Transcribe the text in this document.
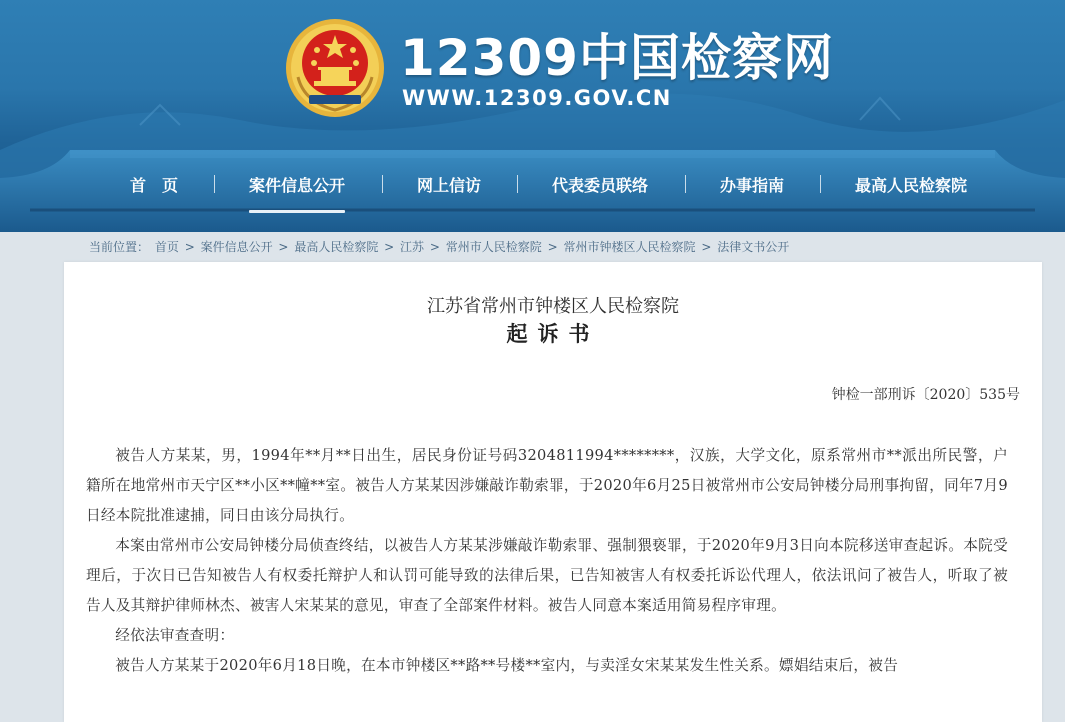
12309中国检察网
WWW.12309.GOV.CN
首　页	案件信息公开	网上信访	代表委员联络	办事指南	最高人民检察院
当前位置： 首页 > 案件信息公开 > 最高人民检察院 > 江苏 > 常州市人民检察院 > 常州市钟楼区人民检察院 > 法律文书公开
江苏省常州市钟楼区人民检察院
起诉书
钟检一部刑诉〔2020〕535号

被告人方某某，男，1994年**月**日出生，居民身份证号码3204811994********，汉族，大学文化，原系常州市**派出所民警，户籍所在地常州市天宁区**小区**幢**室。被告人方某某因涉嫌敲诈勒索罪，于2020年6月25日被常州市公安局钟楼分局刑事拘留，同年7月9日经本院批准逮捕，同日由该分局执行。

本案由常州市公安局钟楼分局侦查终结，以被告人方某某涉嫌敲诈勒索罪、强制猥亵罪，于2020年9月3日向本院移送审查起诉。本院受理后，于次日已告知被告人有权委托辩护人和认罚可能导致的法律后果，已告知被害人有权委托诉讼代理人，依法讯问了被告人，听取了被告人及其辩护律师林杰、被害人宋某某的意见，审查了全部案件材料。被告人同意本案适用简易程序审理。

经依法审查查明：

被告人方某某于2020年6月18日晚，在本市钟楼区**路**号楼**室内，与卖淫女宋某某发生性关系。嫖娼结束后，被告
